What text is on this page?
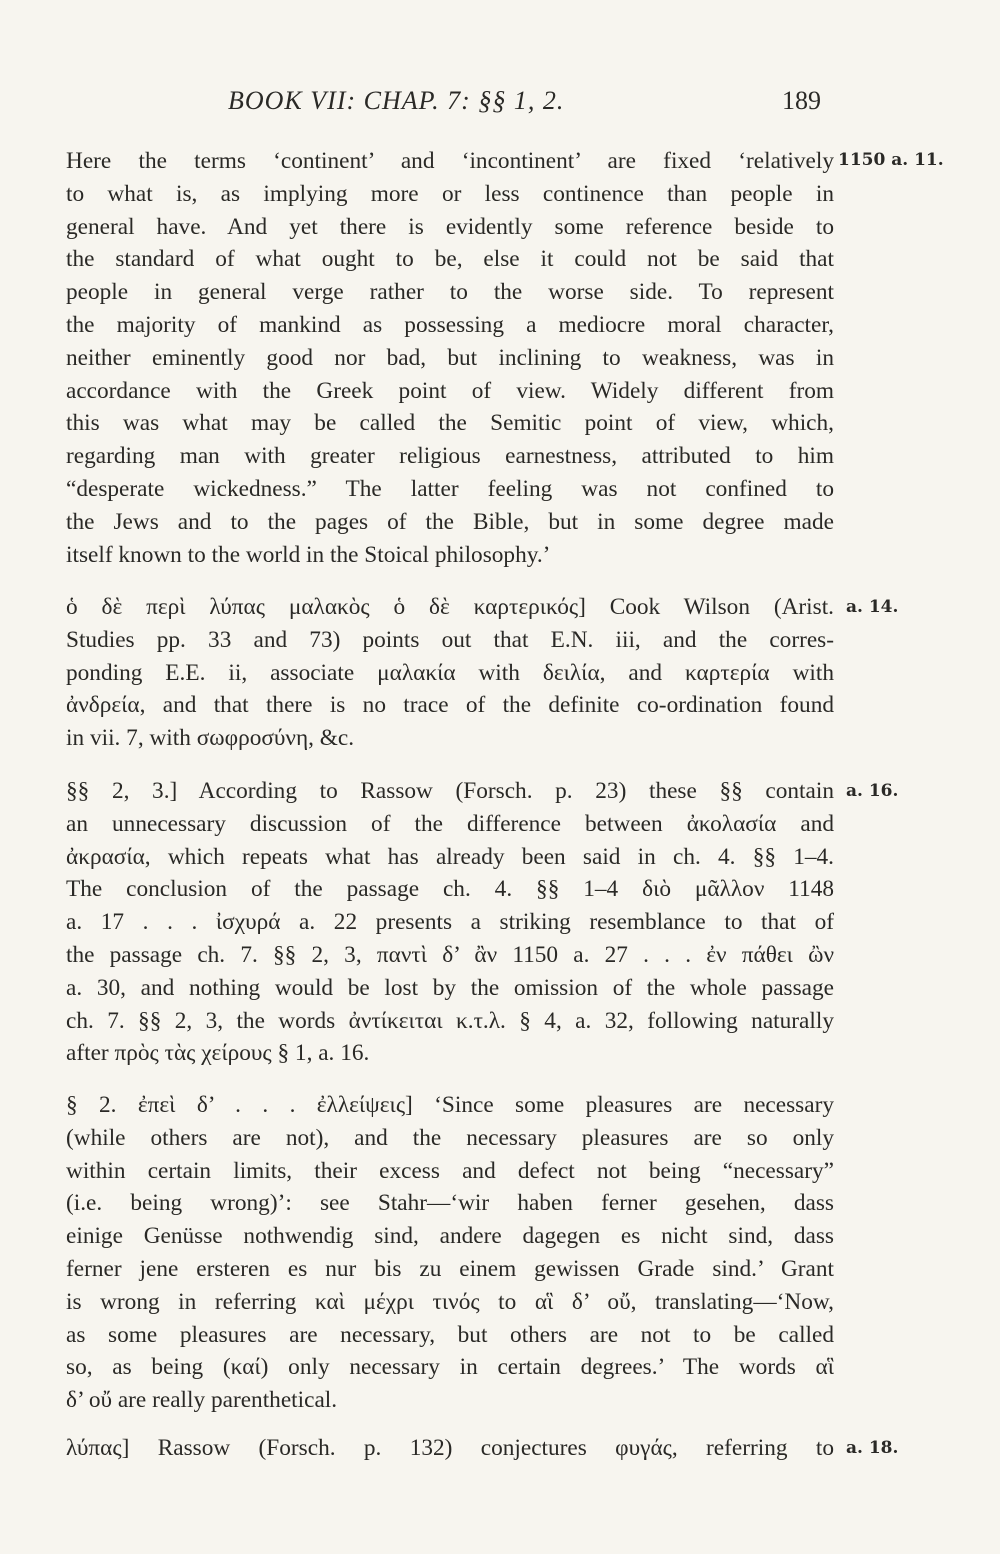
BOOK VII: CHAP. 7: §§ 1, 2.	189
Here the terms ‘continent’ and ‘incontinent’ are fixed ‘relatively
to what is, as implying more or less continence than people in
general have. And yet there is evidently some reference beside to
the standard of what ought to be, else it could not be said that
people in general verge rather to the worse side. To represent
the majority of mankind as possessing a mediocre moral character,
neither eminently good nor bad, but inclining to weakness, was in
accordance with the Greek point of view. Widely different from
this was what may be called the Semitic point of view, which,
regarding man with greater religious earnestness, attributed to him
“desperate wickedness.” The latter feeling was not confined to
the Jews and to the pages of the Bible, but in some degree made
itself known to the world in the Stoical philosophy.’
ὁ δὲ περὶ λύπας μαλακὸς ὁ δὲ καρτερικός] Cook Wilson (Arist.
Studies pp. 33 and 73) points out that E.N. iii, and the corres-
ponding E.E. ii, associate μαλακία with δειλία, and καρτερία with
ἀνδρεία, and that there is no trace of the definite co-ordination found
in vii. 7, with σωφροσύνη, &c.
§§ 2, 3.] According to Rassow (Forsch. p. 23) these §§ contain
an unnecessary discussion of the difference between ἀκολασία and
ἀκρασία, which repeats what has already been said in ch. 4. §§ 1–4.
The conclusion of the passage ch. 4. §§ 1–4 διὸ μᾶλλον 1148
a. 17 . . . ἰσχυρά a. 22 presents a striking resemblance to that of
the passage ch. 7. §§ 2, 3, παντὶ δ’ ἂν 1150 a. 27 . . . ἐν πάθει ὢν
a. 30, and nothing would be lost by the omission of the whole passage
ch. 7. §§ 2, 3, the words ἀντίκειται κ.τ.λ. § 4, a. 32, following naturally
after πρὸς τὰς χείρους § 1, a. 16.
§ 2. ἐπεὶ δ’ . . . ἐλλείψεις] ‘Since some pleasures are necessary
(while others are not), and the necessary pleasures are so only
within certain limits, their excess and defect not being “necessary”
(i.e. being wrong)’: see Stahr—‘wir haben ferner gesehen, dass
einige Genüsse nothwendig sind, andere dagegen es nicht sind, dass
ferner jene ersteren es nur bis zu einem gewissen Grade sind.’ Grant
is wrong in referring καὶ μέχρι τινός to αἳ δ’ οὔ, translating—‘Now,
as some pleasures are necessary, but others are not to be called
so, as being (καί) only necessary in certain degrees.’ The words αἳ
δ’ οὔ are really parenthetical.
λύπας] Rassow (Forsch. p. 132) conjectures φυγάς, referring to
1150 a. 11.
a. 14.
a. 16.
a. 18.
